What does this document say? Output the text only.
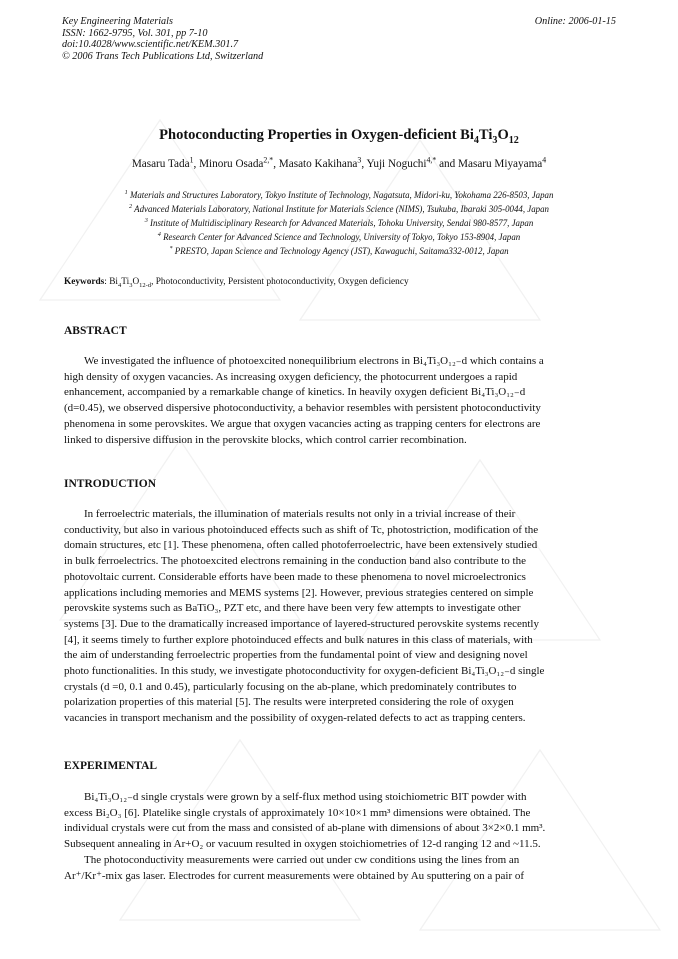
Key Engineering Materials
ISSN: 1662-9795, Vol. 301, pp 7-10
doi:10.4028/www.scientific.net/KEM.301.7
© 2006 Trans Tech Publications Ltd, Switzerland
Online: 2006-01-15
Photoconducting Properties in Oxygen-deficient $Bi_4Ti_3O_{12}$
Masaru Tada$^1$, Minoru Osada$^{2,*}$, Masato Kakihana$^3$, Yuji Noguchi$^{4,*}$ and Masaru Miyayama$^4$
$^1$ Materials and Structures Laboratory, Tokyo Institute of Technology, Nagatsuta, Midori-ku, Yokohama 226-8503, Japan
$^2$ Advanced Materials Laboratory, National Institute for Materials Science (NIMS), Tsukuba, Ibaraki 305-0044, Japan
$^3$ Institute of Multidisciplinary Research for Advanced Materials, Tohoku University, Sendai 980-8577, Japan
$^4$ Research Center for Advanced Science and Technology, University of Tokyo, Tokyo 153-8904, Japan
* PRESTO, Japan Science and Technology Agency (JST), Kawaguchi, Saitama332-0012, Japan
Keywords: $Bi_4Ti_3O_{12-d}$, Photoconductivity, Persistent photoconductivity, Oxygen deficiency
ABSTRACT
We investigated the influence of photoexcited nonequilibrium electrons in Bi₄Ti₃O₁₂₋d which contains a
high density of oxygen vacancies. As increasing oxygen deficiency, the photocurrent undergoes a rapid
enhancement, accompanied by a remarkable change of kinetics. In heavily oxygen deficient Bi₄Ti₃O₁₂₋d
(d=0.45), we observed dispersive photoconductivity, a behavior resembles with persistent photoconductivity
phenomena in some perovskites. We argue that oxygen vacancies acting as trapping centers for electrons are
linked to dispersive diffusion in the perovskite blocks, which control carrier recombination.
INTRODUCTION
In ferroelectric materials, the illumination of materials results not only in a trivial increase of their
conductivity, but also in various photoinduced effects such as shift of Tc, photostriction, modification of the
domain structures, etc [1]. These phenomena, often called photoferroelectric, have been extensively studied
in bulk ferroelectrics. The photoexcited electrons remaining in the conduction band also contribute to the
photovoltaic current. Considerable efforts have been made to these phenomena to novel microelectronics
applications including memories and MEMS systems [2]. However, previous strategies centered on simple
perovskite systems such as BaTiO₃, PZT etc, and there have been very few attempts to investigate other
systems [3]. Due to the dramatically increased importance of layered-structured perovskite systems recently
[4], it seems timely to further explore photoinduced effects and bulk natures in this class of materials, with
the aim of understanding ferroelectric properties from the fundamental point of view and designing novel
photo functionalities. In this study, we investigate photoconductivity for oxygen-deficient Bi₄Ti₃O₁₂₋d single
crystals (d =0, 0.1 and 0.45), particularly focusing on the ab-plane, which predominately contributes to
polarization properties of this material [5]. The results were interpreted considering the role of oxygen
vacancies in transport mechanism and the possibility of oxygen-related defects to act as trapping centers.
EXPERIMENTAL
Bi₄Ti₃O₁₂₋d single crystals were grown by a self-flux method using stoichiometric BIT powder with
excess Bi₂O₃ [6]. Platelike single crystals of approximately 10×10×1 mm³ dimensions were obtained. The
individual crystals were cut from the mass and consisted of ab-plane with dimensions of about 3×2×0.1 mm³.
Subsequent annealing in Ar+O₂ or vacuum resulted in oxygen stoichiometries of 12-d ranging 12 and ~11.5.
The photoconductivity measurements were carried out under cw conditions using the lines from an
Ar⁺/Kr⁺-mix gas laser. Electrodes for current measurements were obtained by Au sputtering on a pair of
